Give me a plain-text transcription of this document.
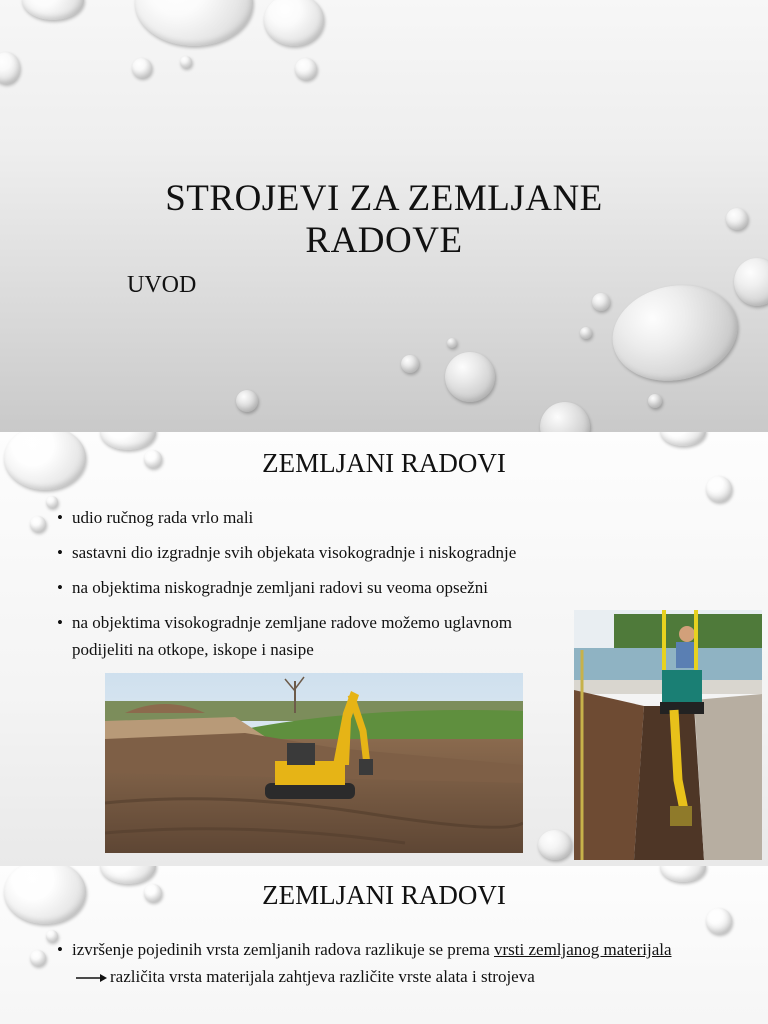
STROJEVI ZA ZEMLJANE
RADOVE
UVOD
ZEMLJANI RADOVI
• udio ručnog rada vrlo mali
• sastavni dio izgradnje svih objekata visokogradnje i niskogradnje
• na objektima niskogradnje zemljani radovi su veoma opsežni
• na objektima visokogradnje zemljane radove možemo uglavnom podijeliti na otkope, iskope i nasipe
ZEMLJANI RADOVI
• izvršenje pojedinih vrsta zemljanih radova razlikuje se prema vrsti zemljanog materijala različita vrsta materijala zahtjeva različite vrste alata i strojeva
